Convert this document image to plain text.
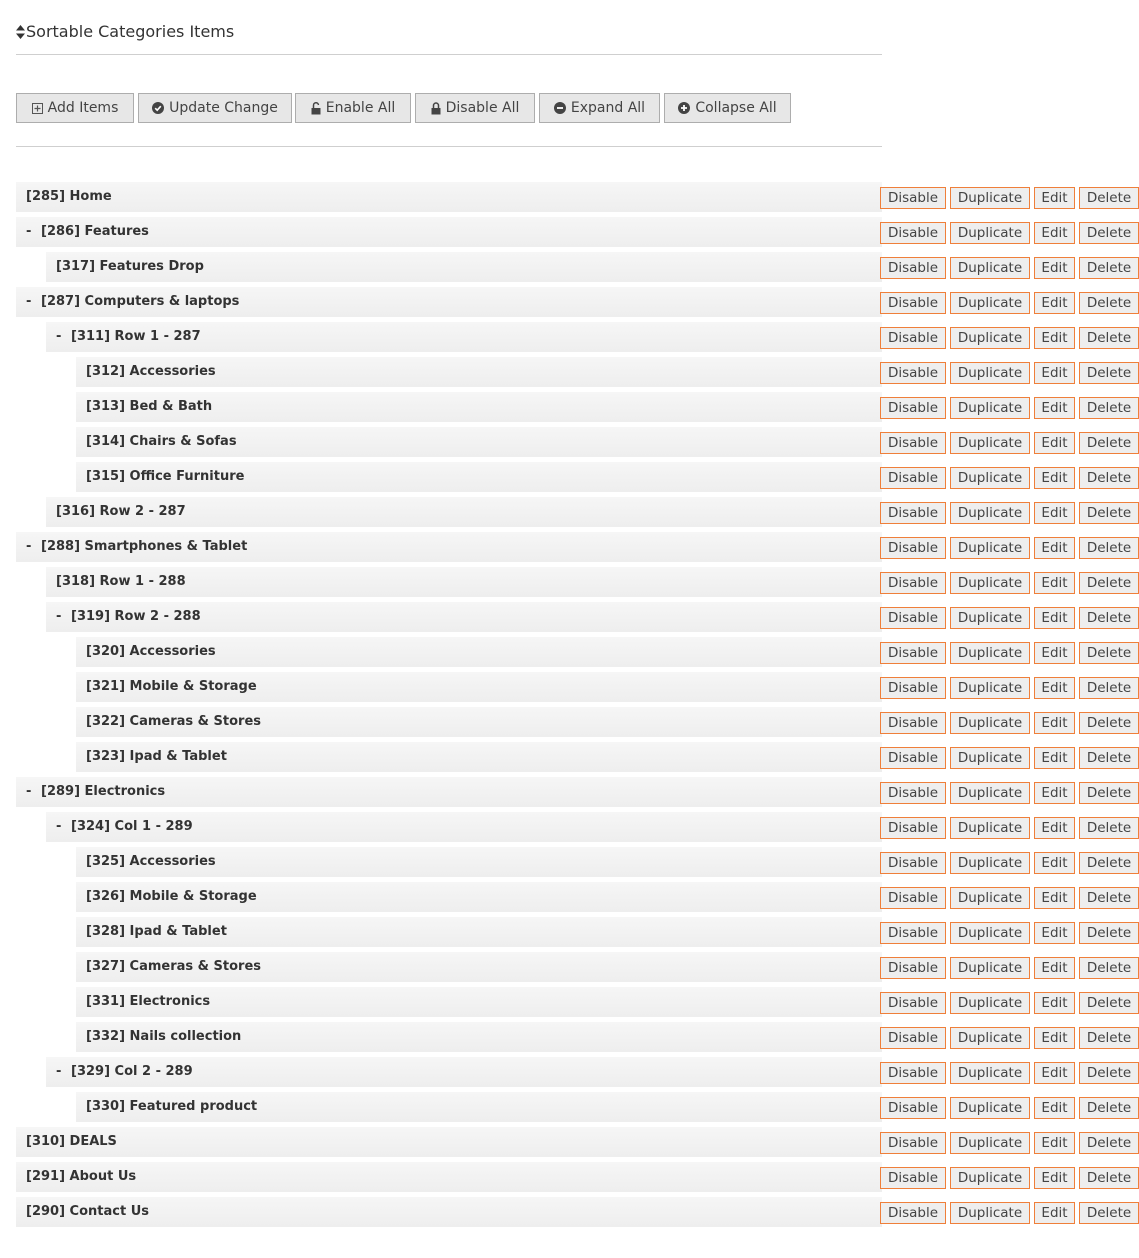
Sortable Categories Items
Add Items	Update Change	Enable All	Disable All	Expand All	Collapse All
[285] Home	Disable	Duplicate	Edit	Delete
- [286] Features	Disable	Duplicate	Edit	Delete
[317] Features Drop	Disable	Duplicate	Edit	Delete
- [287] Computers & laptops	Disable	Duplicate	Edit	Delete
- [311] Row 1 - 287	Disable	Duplicate	Edit	Delete
[312] Accessories	Disable	Duplicate	Edit	Delete
[313] Bed & Bath	Disable	Duplicate	Edit	Delete
[314] Chairs & Sofas	Disable	Duplicate	Edit	Delete
[315] Office Furniture	Disable	Duplicate	Edit	Delete
[316] Row 2 - 287	Disable	Duplicate	Edit	Delete
- [288] Smartphones & Tablet	Disable	Duplicate	Edit	Delete
[318] Row 1 - 288	Disable	Duplicate	Edit	Delete
- [319] Row 2 - 288	Disable	Duplicate	Edit	Delete
[320] Accessories	Disable	Duplicate	Edit	Delete
[321] Mobile & Storage	Disable	Duplicate	Edit	Delete
[322] Cameras & Stores	Disable	Duplicate	Edit	Delete
[323] Ipad & Tablet	Disable	Duplicate	Edit	Delete
- [289] Electronics	Disable	Duplicate	Edit	Delete
- [324] Col 1 - 289	Disable	Duplicate	Edit	Delete
[325] Accessories	Disable	Duplicate	Edit	Delete
[326] Mobile & Storage	Disable	Duplicate	Edit	Delete
[328] Ipad & Tablet	Disable	Duplicate	Edit	Delete
[327] Cameras & Stores	Disable	Duplicate	Edit	Delete
[331] Electronics	Disable	Duplicate	Edit	Delete
[332] Nails collection	Disable	Duplicate	Edit	Delete
- [329] Col 2 - 289	Disable	Duplicate	Edit	Delete
[330] Featured product	Disable	Duplicate	Edit	Delete
[310] DEALS	Disable	Duplicate	Edit	Delete
[291] About Us	Disable	Duplicate	Edit	Delete
[290] Contact Us	Disable	Duplicate	Edit	Delete
